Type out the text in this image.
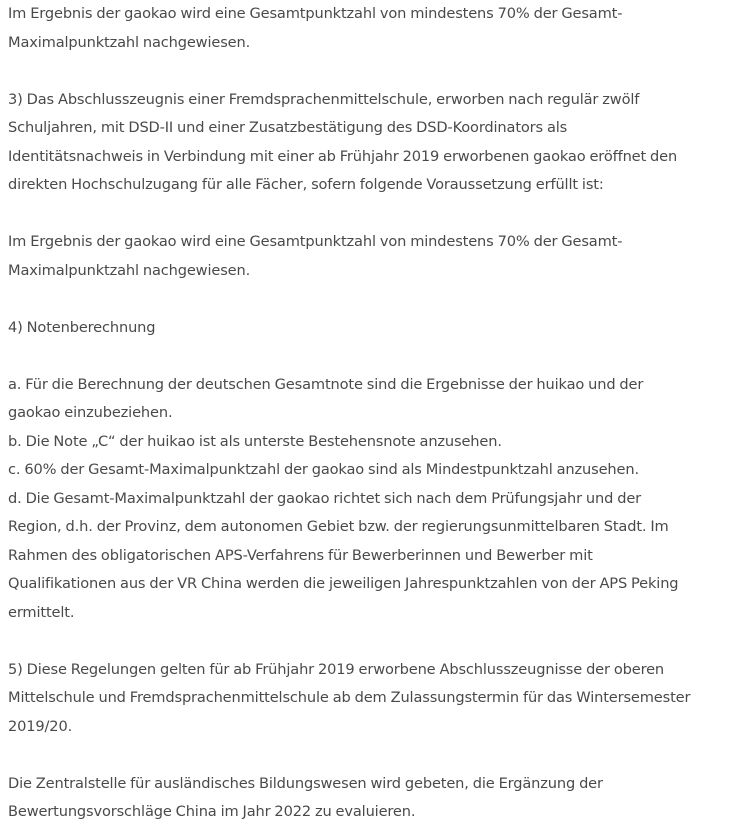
Im Ergebnis der gaokao wird eine Gesamtpunktzahl von mindestens 70% der Gesamt-
Maximalpunktzahl nachgewiesen.
3) Das Abschlusszeugnis einer Fremdsprachenmittelschule, erworben nach regulär zwölf
Schuljahren, mit DSD-II und einer Zusatzbestätigung des DSD-Koordinators als
Identitätsnachweis in Verbindung mit einer ab Frühjahr 2019 erworbenen gaokao eröffnet den
direkten Hochschulzugang für alle Fächer, sofern folgende Voraussetzung erfüllt ist:
Im Ergebnis der gaokao wird eine Gesamtpunktzahl von mindestens 70% der Gesamt-
Maximalpunktzahl nachgewiesen.
4) Notenberechnung
a. Für die Berechnung der deutschen Gesamtnote sind die Ergebnisse der huikao und der
gaokao einzubeziehen.
b. Die Note „C“ der huikao ist als unterste Bestehensnote anzusehen.
c. 60% der Gesamt-Maximalpunktzahl der gaokao sind als Mindestpunktzahl anzusehen.
d. Die Gesamt-Maximalpunktzahl der gaokao richtet sich nach dem Prüfungsjahr und der
Region, d.h. der Provinz, dem autonomen Gebiet bzw. der regierungsunmittelbaren Stadt. Im
Rahmen des obligatorischen APS-Verfahrens für Bewerberinnen und Bewerber mit
Qualifikationen aus der VR China werden die jeweiligen Jahrespunktzahlen von der APS Peking
ermittelt.
5) Diese Regelungen gelten für ab Frühjahr 2019 erworbene Abschlusszeugnisse der oberen
Mittelschule und Fremdsprachenmittelschule ab dem Zulassungstermin für das Wintersemester
2019/20.
Die Zentralstelle für ausländisches Bildungswesen wird gebeten, die Ergänzung der
Bewertungsvorschläge China im Jahr 2022 zu evaluieren.
